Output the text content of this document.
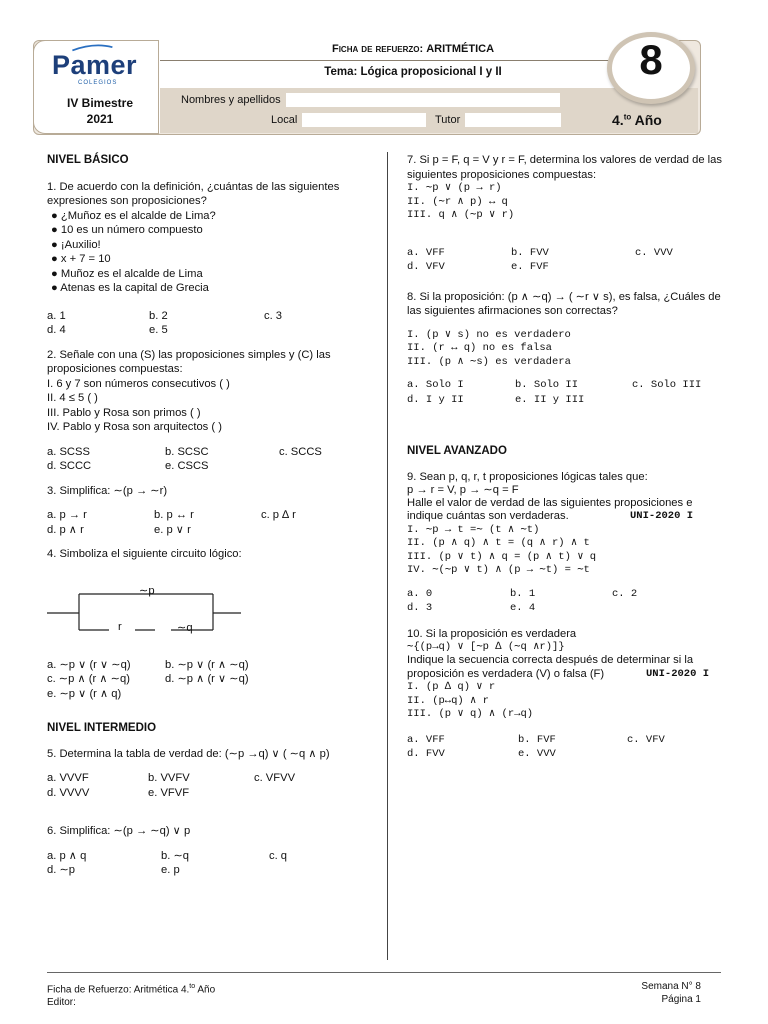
Pamer
COLEGIOS
IV Bimestre
2021
Ficha de refuerzo: ARITMÉTICA
Tema: Lógica proposicional I y II
Nombres y apellidos
Local	Tutor	4.$^{to}$ Año
8
NIVEL BÁSICO
1. De acuerdo con la definición, ¿cuántas de las siguientes
expresiones son proposiciones?
● ¿Muñoz es el alcalde de Lima?
● 10 es un número compuesto
● ¡Auxilio!
● x + 7 = 10
● Muñoz es el alcalde de Lima
● Atenas es la capital de Grecia
a. 1	b. 2	c. 3
d. 4	e. 5
2. Señale con una (S) las proposiciones simples y (C) las
proposiciones compuestas:
I. 6 y 7 son números consecutivos ( )
II. 4 ≤ 5 ( )
III. Pablo y Rosa son primos ( )
IV. Pablo y Rosa son arquitectos ( )
a. SCSS	b. SCSC	c. SCCS
d. SCCC	e. CSCS
3. Simplifica: ∼(p → ∼r)
a. p → r	b. p ↔ r	c. p ∆ r
d. p ∧ r	e. p ∨ r
4. Simboliza el siguiente circuito lógico:
∼p
r	∼q
a. ∼p ∨ (r ∨ ∼q)	b. ∼p ∨ (r ∧ ∼q)
c. ∼p ∧ (r ∧ ∼q)	d. ∼p ∧ (r ∨ ∼q)
e. ∼p ∨ (r ∧ q)
NIVEL INTERMEDIO
5. Determina la tabla de verdad de: (∼p →q) ∨ ( ∼q ∧ p)
a. VVVF	b. VVFV	c. VFVV
d. VVVV	e. VFVF
6. Simplifica: ∼(p → ∼q) ∨ p
a. p ∧ q	b. ∼q	c. q
d. ∼p	e. p
7. Si p = F, q = V y r = F, determina los valores de verdad de las
siguientes proposiciones compuestas:
I. ∼p ∨ (p → r)
II. (∼r ∧ p) ↔ q
III. q ∧ (∼p ∨ r)
a. VFF	b. FVV	c. VVV
d. VFV	e. FVF
8. Si la proposición: (p ∧ ∼q) → ( ∼r ∨ s), es falsa, ¿Cuáles de
las siguientes afirmaciones son correctas?
I. (p ∨ s) no es verdadero
II. (r ↔ q) no es falsa
III. (p ∧ ∼s) es verdadera
a. Solo I	b. Solo II	c. Solo III
d. I y II	e. II y III
NIVEL AVANZADO
9. Sean p, q, r, t proposiciones lógicas tales que:
p → r = V, p → ∼q = F
Halle el valor de verdad de las siguientes proposiciones e
indique cuántas son verdaderas.	UNI-2020 I
I. ∼p → t =∼ (t ∧ ∼t)
II. (p ∧ q) ∧ t = (q ∧ r) ∧ t
III. (p ∨ t) ∧ q = (p ∧ t) ∨ q
IV. ∼(∼p ∨ t) ∧ (p → ∼t) = ∼t
a. 0	b. 1	c. 2
d. 3	e. 4
10. Si la proposición es verdadera
∼{(p→q) ∨ [∼p ∆ (∼q ∧r)]}
Indique la secuencia correcta después de determinar si la
proposición es verdadera (V) o falsa (F)	UNI-2020 I
I. (p ∆ q) ∨ r
II. (p↔q) ∧ r
III. (p ∨ q) ∧ (r→q)
a. VFF	b. FVF	c. VFV
d. FVV	e. VVV
Ficha de Refuerzo: Aritmética 4.$^{to}$ Año
Editor:
Semana N° 8
Página 1
